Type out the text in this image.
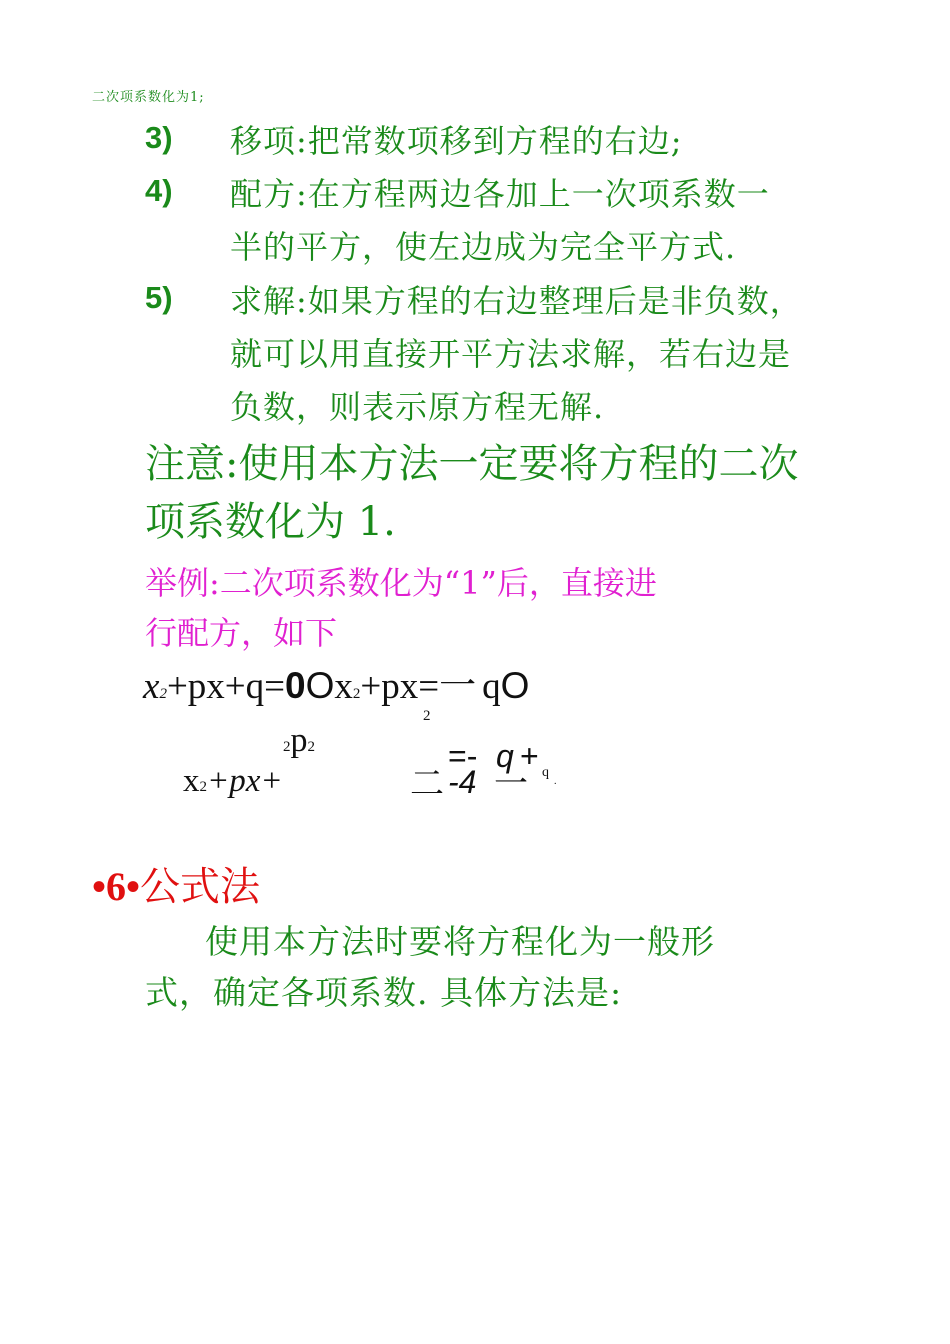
二次项系数化为1;
3) 移项:把常数项移到方程的右边;
4) 配方:在方程两边各加上一次项系数一
半的平方，使左边成为完全平方式.
5) 求解:如果方程的右边整理后是非负数，
就可以用直接开平方法求解，若右边是
负数，则表示原方程无解.
注意:使用本方法一定要将方程的二次
项系数化为 1.
举例:二次项系数化为“1”后，直接进
行配方，如下
x2+px+q=0Ox2+px=一 qO
2p2
2
x2+px+	二
=- q +
-4 一 q
.
•6•公式法
使用本方法时要将方程化为一般形
式，确定各项系数. 具体方法是:
